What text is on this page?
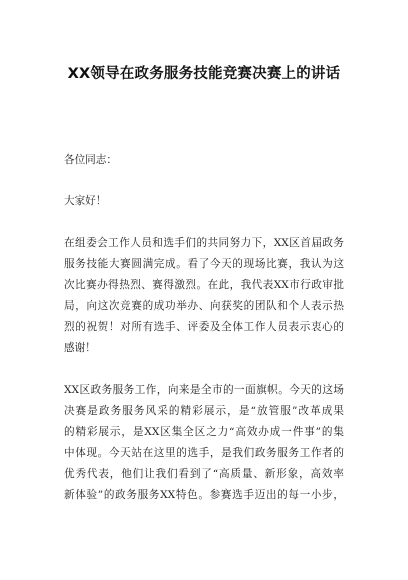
XX领导在政务服务技能竞赛决赛上的讲话
各位同志：
大家好！
在组委会工作人员和选手们的共同努力下，XX区首届政务
服务技能大赛圆满完成。看了今天的现场比赛，我认为这
次比赛办得热烈、赛得激烈。在此，我代表XX市行政审批
局，向这次竞赛的成功举办、向获奖的团队和个人表示热
烈的祝贺！对所有选手、评委及全体工作人员表示衷心的
感谢！
XX区政务服务工作，向来是全市的一面旗帜。今天的这场
决赛是政务服务风采的精彩展示，是“放管服”改革成果
的精彩展示，是XX区集全区之力“高效办成一件事”的集
中体现。今天站在这里的选手，是我们政务服务工作者的
优秀代表，他们让我们看到了“高质量、新形象，高效率
新体验”的政务服务XX特色。参赛选手迈出的每一小步，
